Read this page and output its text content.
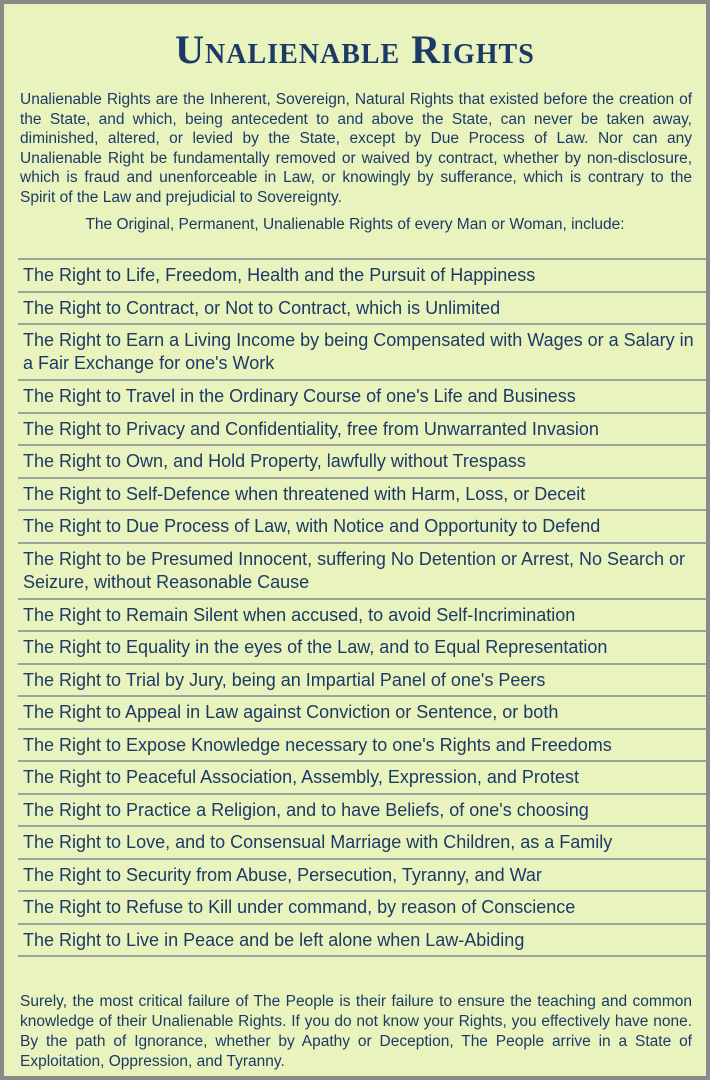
Unalienable Rights

Unalienable Rights are the Inherent, Sovereign, Natural Rights that existed before the creation of the State, and which, being antecedent to and above the State, can never be taken away, diminished, altered, or levied by the State, except by Due Process of Law. Nor can any Unalienable Right be fundamentally removed or waived by contract, whether by non-disclosure, which is fraud and unenforceable in Law, or knowingly by sufferance, which is contrary to the Spirit of the Law and prejudicial to Sovereignty.

The Original, Permanent, Unalienable Rights of every Man or Woman, include:

The Right to Life, Freedom, Health and the Pursuit of Happiness
The Right to Contract, or Not to Contract, which is Unlimited
The Right to Earn a Living Income by being Compensated with Wages or a Salary in a Fair Exchange for one's Work
The Right to Travel in the Ordinary Course of one's Life and Business
The Right to Privacy and Confidentiality, free from Unwarranted Invasion
The Right to Own, and Hold Property, lawfully without Trespass
The Right to Self-Defence when threatened with Harm, Loss, or Deceit
The Right to Due Process of Law, with Notice and Opportunity to Defend
The Right to be Presumed Innocent, suffering No Detention or Arrest, No Search or Seizure, without Reasonable Cause
The Right to Remain Silent when accused, to avoid Self-Incrimination
The Right to Equality in the eyes of the Law, and to Equal Representation
The Right to Trial by Jury, being an Impartial Panel of one's Peers
The Right to Appeal in Law against Conviction or Sentence, or both
The Right to Expose Knowledge necessary to one's Rights and Freedoms
The Right to Peaceful Association, Assembly, Expression, and Protest
The Right to Practice a Religion, and to have Beliefs, of one's choosing
The Right to Love, and to Consensual Marriage with Children, as a Family
The Right to Security from Abuse, Persecution, Tyranny, and War
The Right to Refuse to Kill under command, by reason of Conscience
The Right to Live in Peace and be left alone when Law-Abiding

Surely, the most critical failure of The People is their failure to ensure the teaching and common knowledge of their Unalienable Rights. If you do not know your Rights, you effectively have none. By the path of Ignorance, whether by Apathy or Deception, The People arrive in a State of Exploitation, Oppression, and Tyranny.
